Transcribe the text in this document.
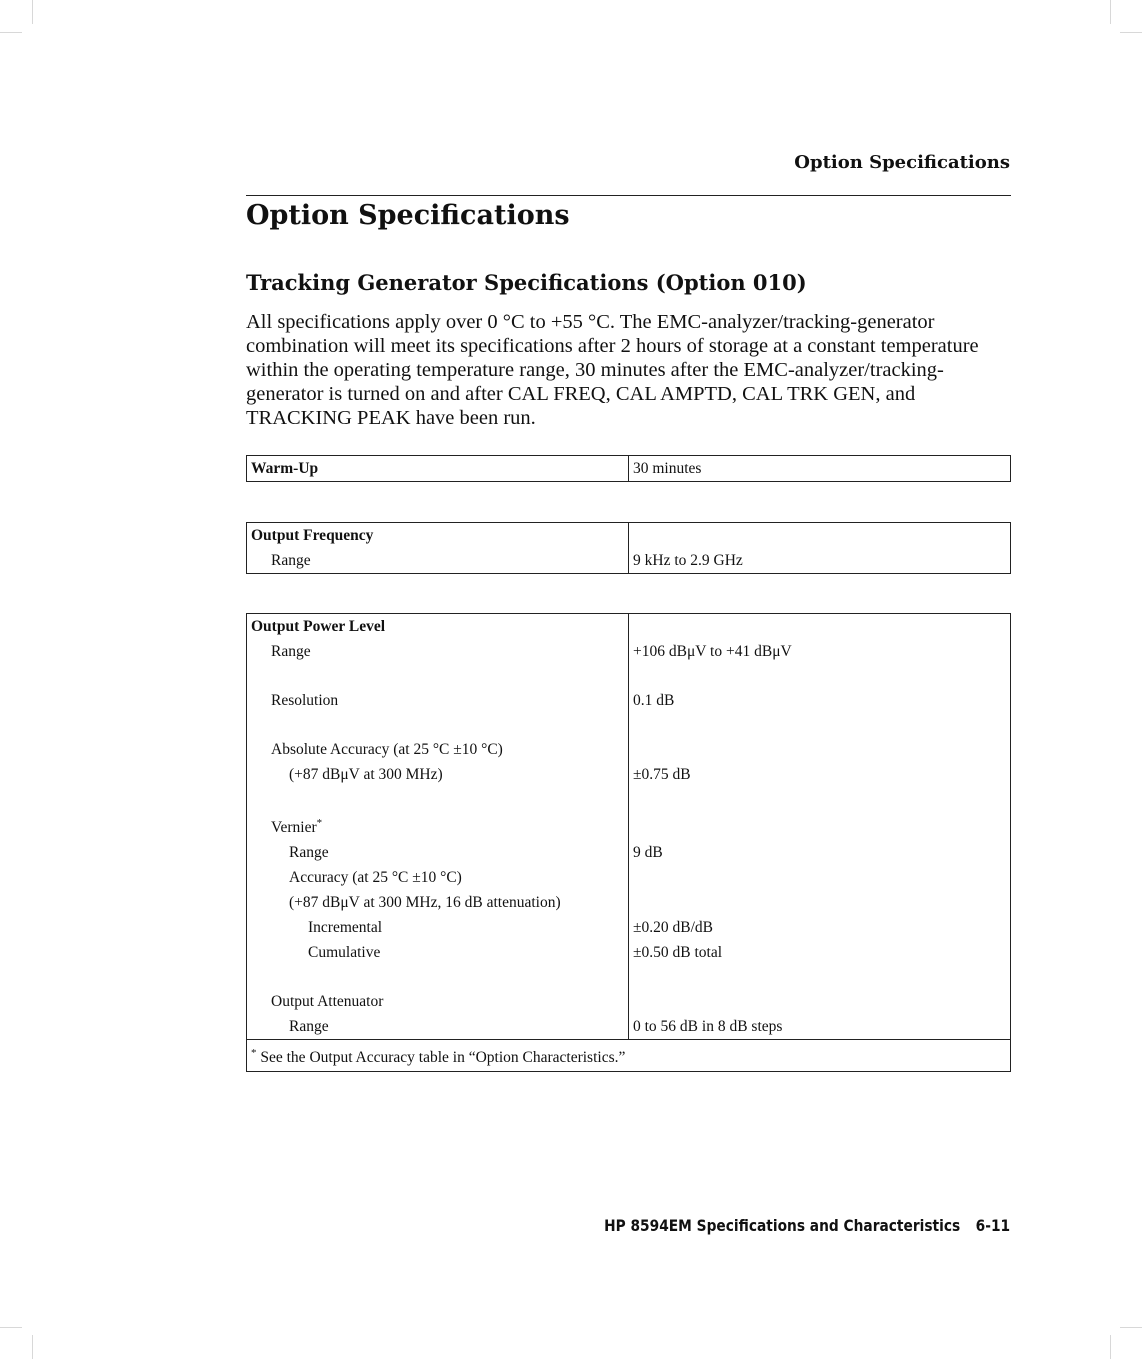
Option Specifications
Option Specifications
Tracking Generator Specifications (Option 010)

All specifications apply over 0 °C to +55 °C. The EMC-analyzer/tracking-generator combination will meet its specifications after 2 hours of storage at a constant temperature within the operating temperature range, 30 minutes after the EMC-analyzer/tracking-generator is turned on and after CAL FREQ, CAL AMPTD, CAL TRK GEN, and TRACKING PEAK have been run.

Warm-Up	30 minutes
Output Frequency	
Range	9 kHz to 2.9 GHz
Output Power Level	
Range	+106 dBμV to +41 dBμV

Resolution	0.1 dB

Absolute Accuracy (at 25 °C ±10 °C)	
(+87 dBμV at 300 MHz)	±0.75 dB

Vernier*	
Range	9 dB
Accuracy (at 25 °C ±10 °C)	
(+87 dBμV at 300 MHz, 16 dB attenuation)	
Incremental	±0.20 dB/dB
Cumulative	±0.50 dB total

Output Attenuator	
Range	0 to 56 dB in 8 dB steps
* See the Output Accuracy table in “Option Characteristics.”	
HP 8594EM Specifications and Characteristics 6-11
